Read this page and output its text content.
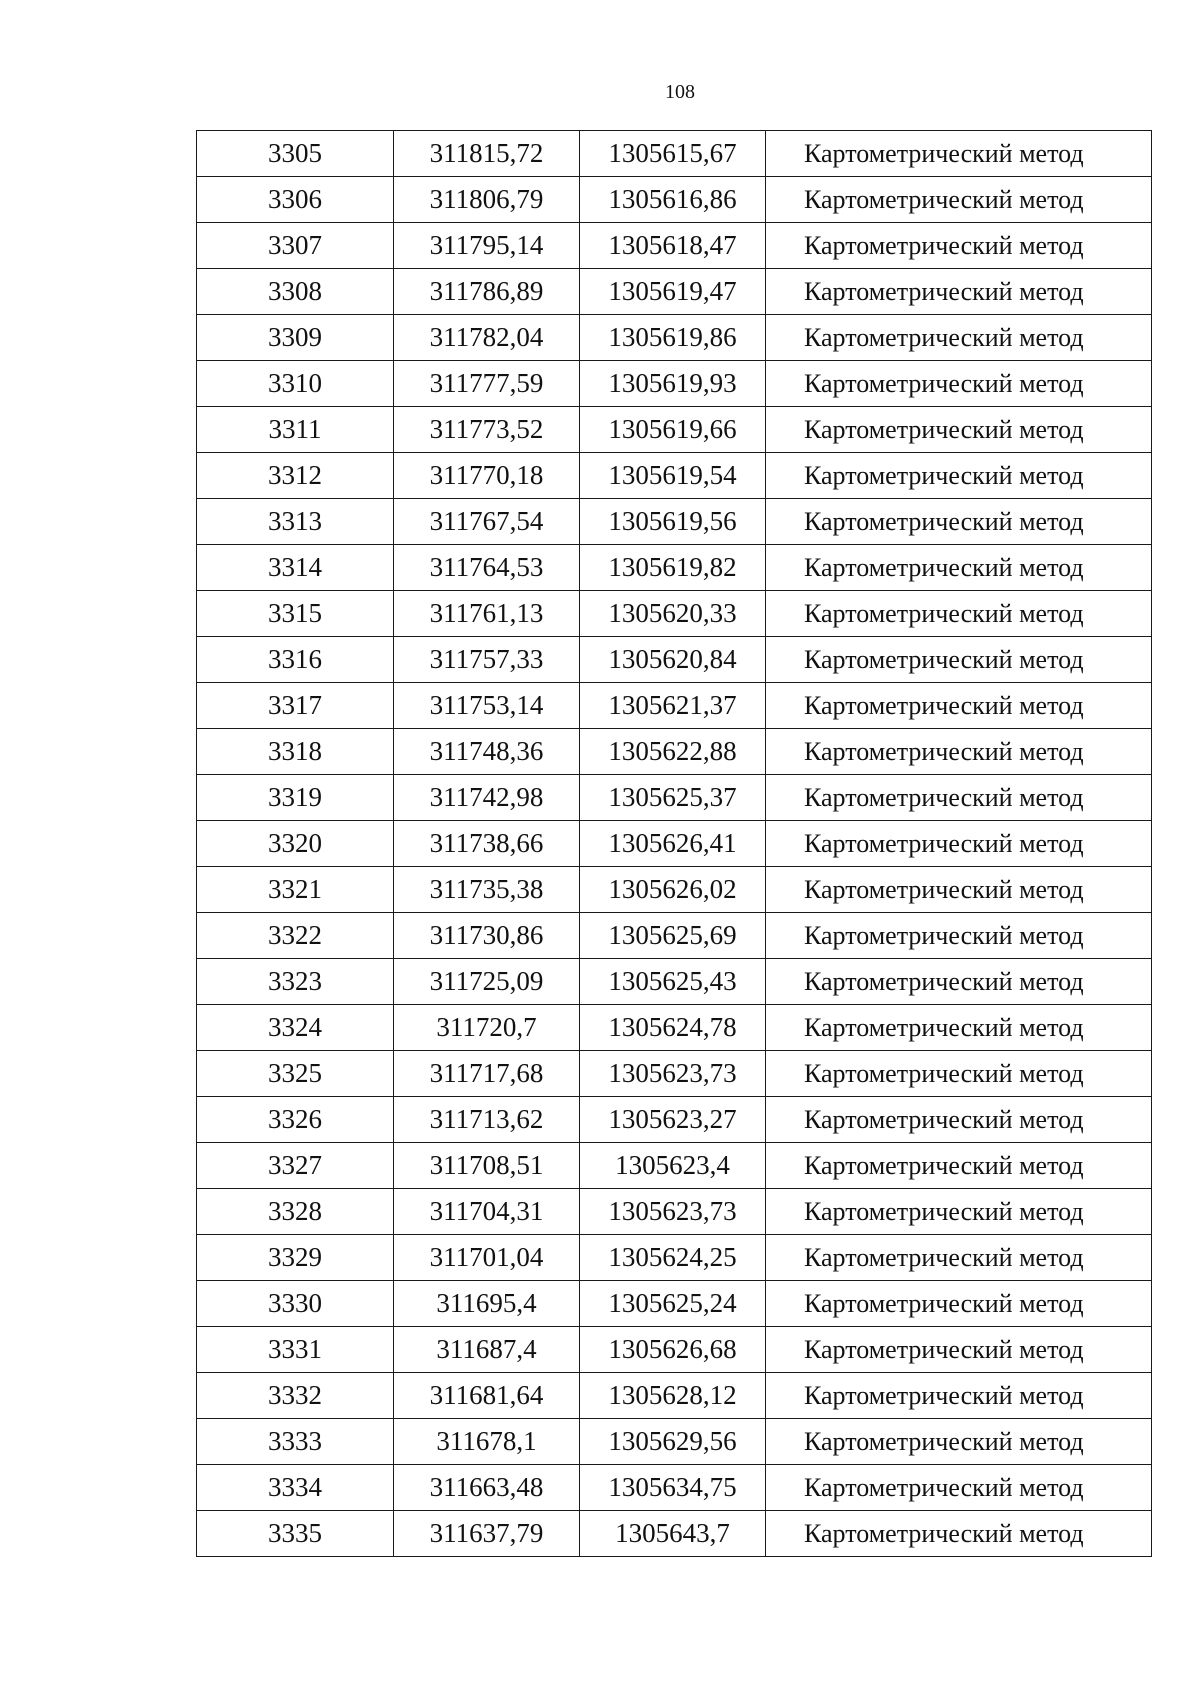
108
3305	311815,72	1305615,67	Картометрический метод
3306	311806,79	1305616,86	Картометрический метод
3307	311795,14	1305618,47	Картометрический метод
3308	311786,89	1305619,47	Картометрический метод
3309	311782,04	1305619,86	Картометрический метод
3310	311777,59	1305619,93	Картометрический метод
3311	311773,52	1305619,66	Картометрический метод
3312	311770,18	1305619,54	Картометрический метод
3313	311767,54	1305619,56	Картометрический метод
3314	311764,53	1305619,82	Картометрический метод
3315	311761,13	1305620,33	Картометрический метод
3316	311757,33	1305620,84	Картометрический метод
3317	311753,14	1305621,37	Картометрический метод
3318	311748,36	1305622,88	Картометрический метод
3319	311742,98	1305625,37	Картометрический метод
3320	311738,66	1305626,41	Картометрический метод
3321	311735,38	1305626,02	Картометрический метод
3322	311730,86	1305625,69	Картометрический метод
3323	311725,09	1305625,43	Картометрический метод
3324	311720,7	1305624,78	Картометрический метод
3325	311717,68	1305623,73	Картометрический метод
3326	311713,62	1305623,27	Картометрический метод
3327	311708,51	1305623,4	Картометрический метод
3328	311704,31	1305623,73	Картометрический метод
3329	311701,04	1305624,25	Картометрический метод
3330	311695,4	1305625,24	Картометрический метод
3331	311687,4	1305626,68	Картометрический метод
3332	311681,64	1305628,12	Картометрический метод
3333	311678,1	1305629,56	Картометрический метод
3334	311663,48	1305634,75	Картометрический метод
3335	311637,79	1305643,7	Картометрический метод
